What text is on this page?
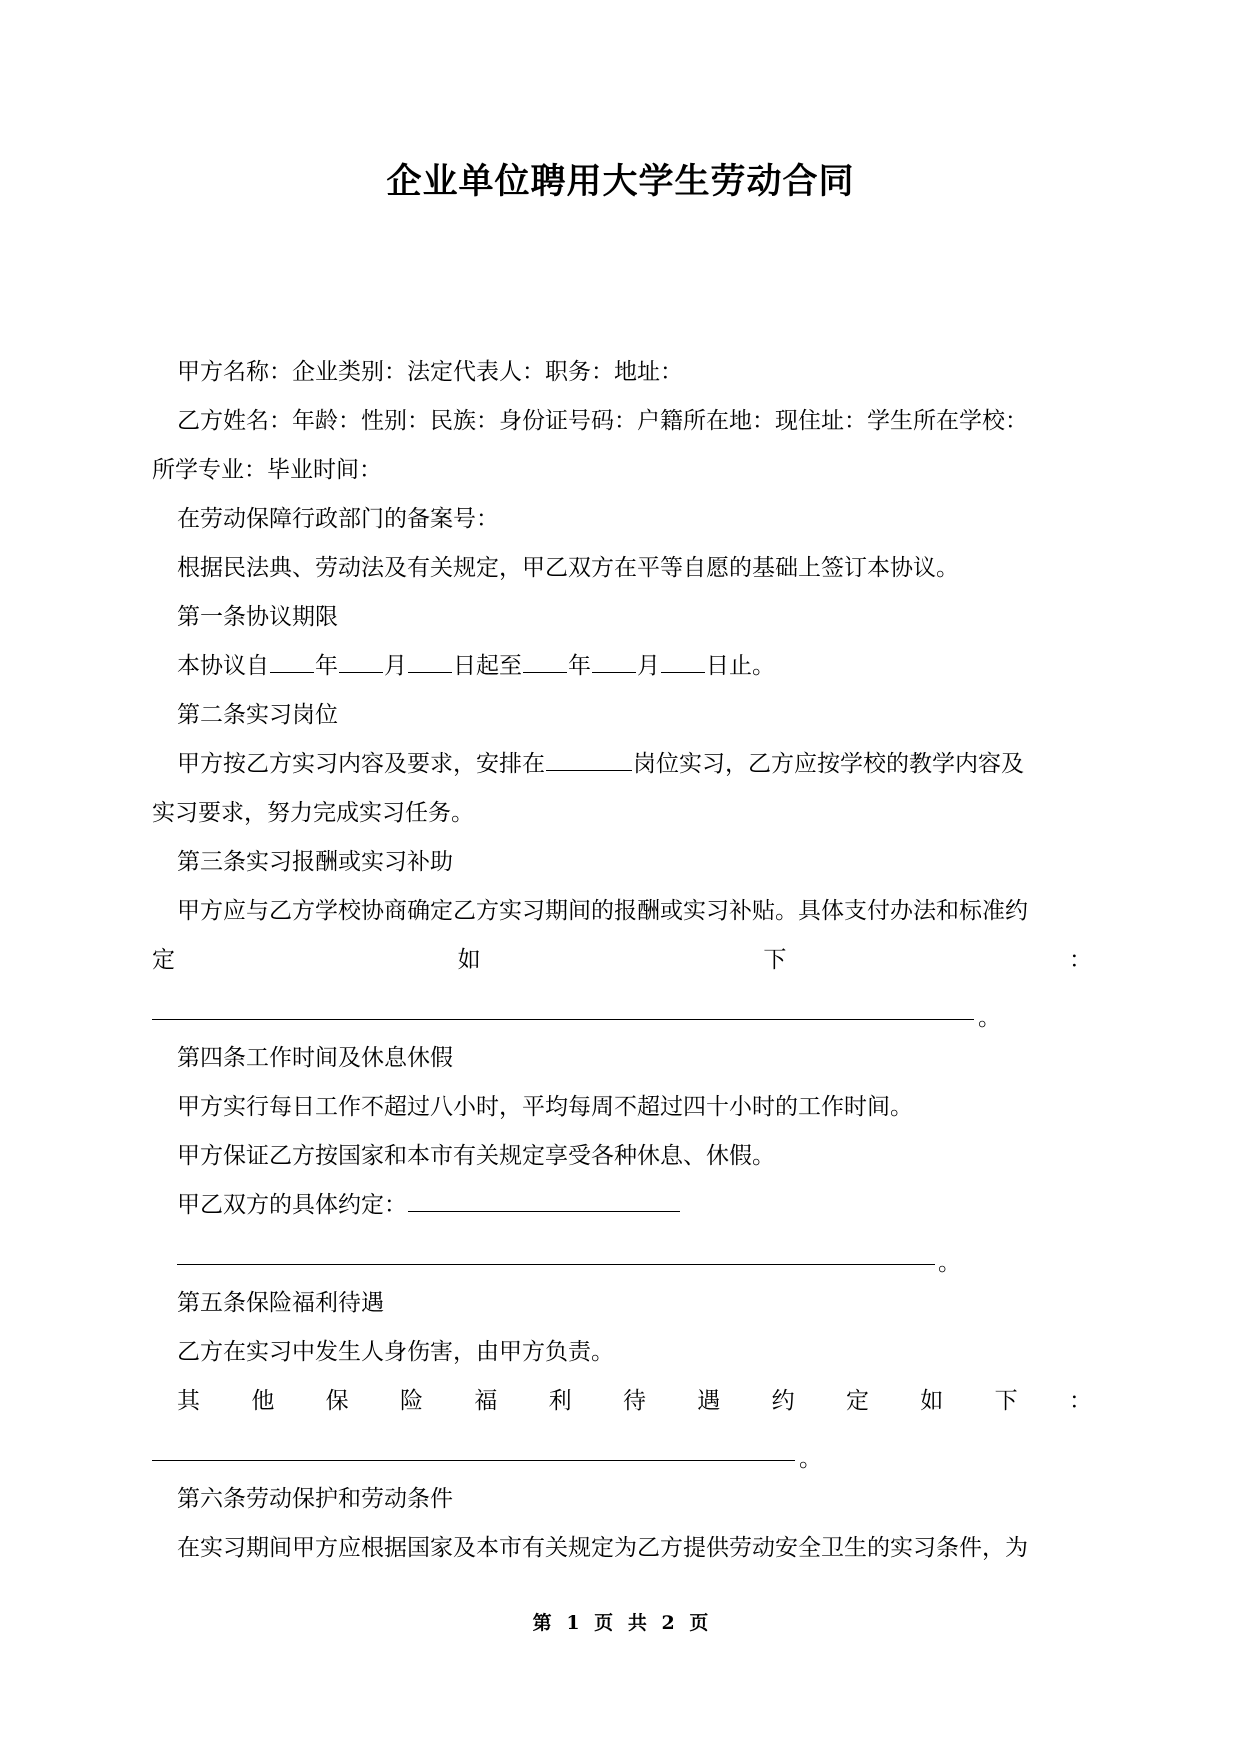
企业单位聘用大学生劳动合同
甲方名称：企业类别：法定代表人：职务：地址：
乙方姓名：年龄：性别：民族：身份证号码：户籍所在地：现住址：学生所在学校：
所学专业：毕业时间：
在劳动保障行政部门的备案号：
根据民法典、劳动法及有关规定，甲乙双方在平等自愿的基础上签订本协议。
第一条协议期限
本协议自 年 月 日起至 年 月 日止。
第二条实习岗位
甲方按乙方实习内容及要求，安排在	岗位实习，乙方应按学校的教学内容及
实习要求，努力完成实习任务。
第三条实习报酬或实习补助
甲方应与乙方学校协商确定乙方实习期间的报酬或实习补贴。具体支付办法和标准约
定	如	下	：
。
第四条工作时间及休息休假
甲方实行每日工作不超过八小时，平均每周不超过四十小时的工作时间。
甲方保证乙方按国家和本市有关规定享受各种休息、休假。
甲乙双方的具体约定：
。
第五条保险福利待遇
乙方在实习中发生人身伤害，由甲方负责。
其 他 保 险 福 利 待 遇 约 定 如 下 ：
。
第六条劳动保护和劳动条件
在实习期间甲方应根据国家及本市有关规定为乙方提供劳动安全卫生的实习条件，为
第 1 页 共 2 页
